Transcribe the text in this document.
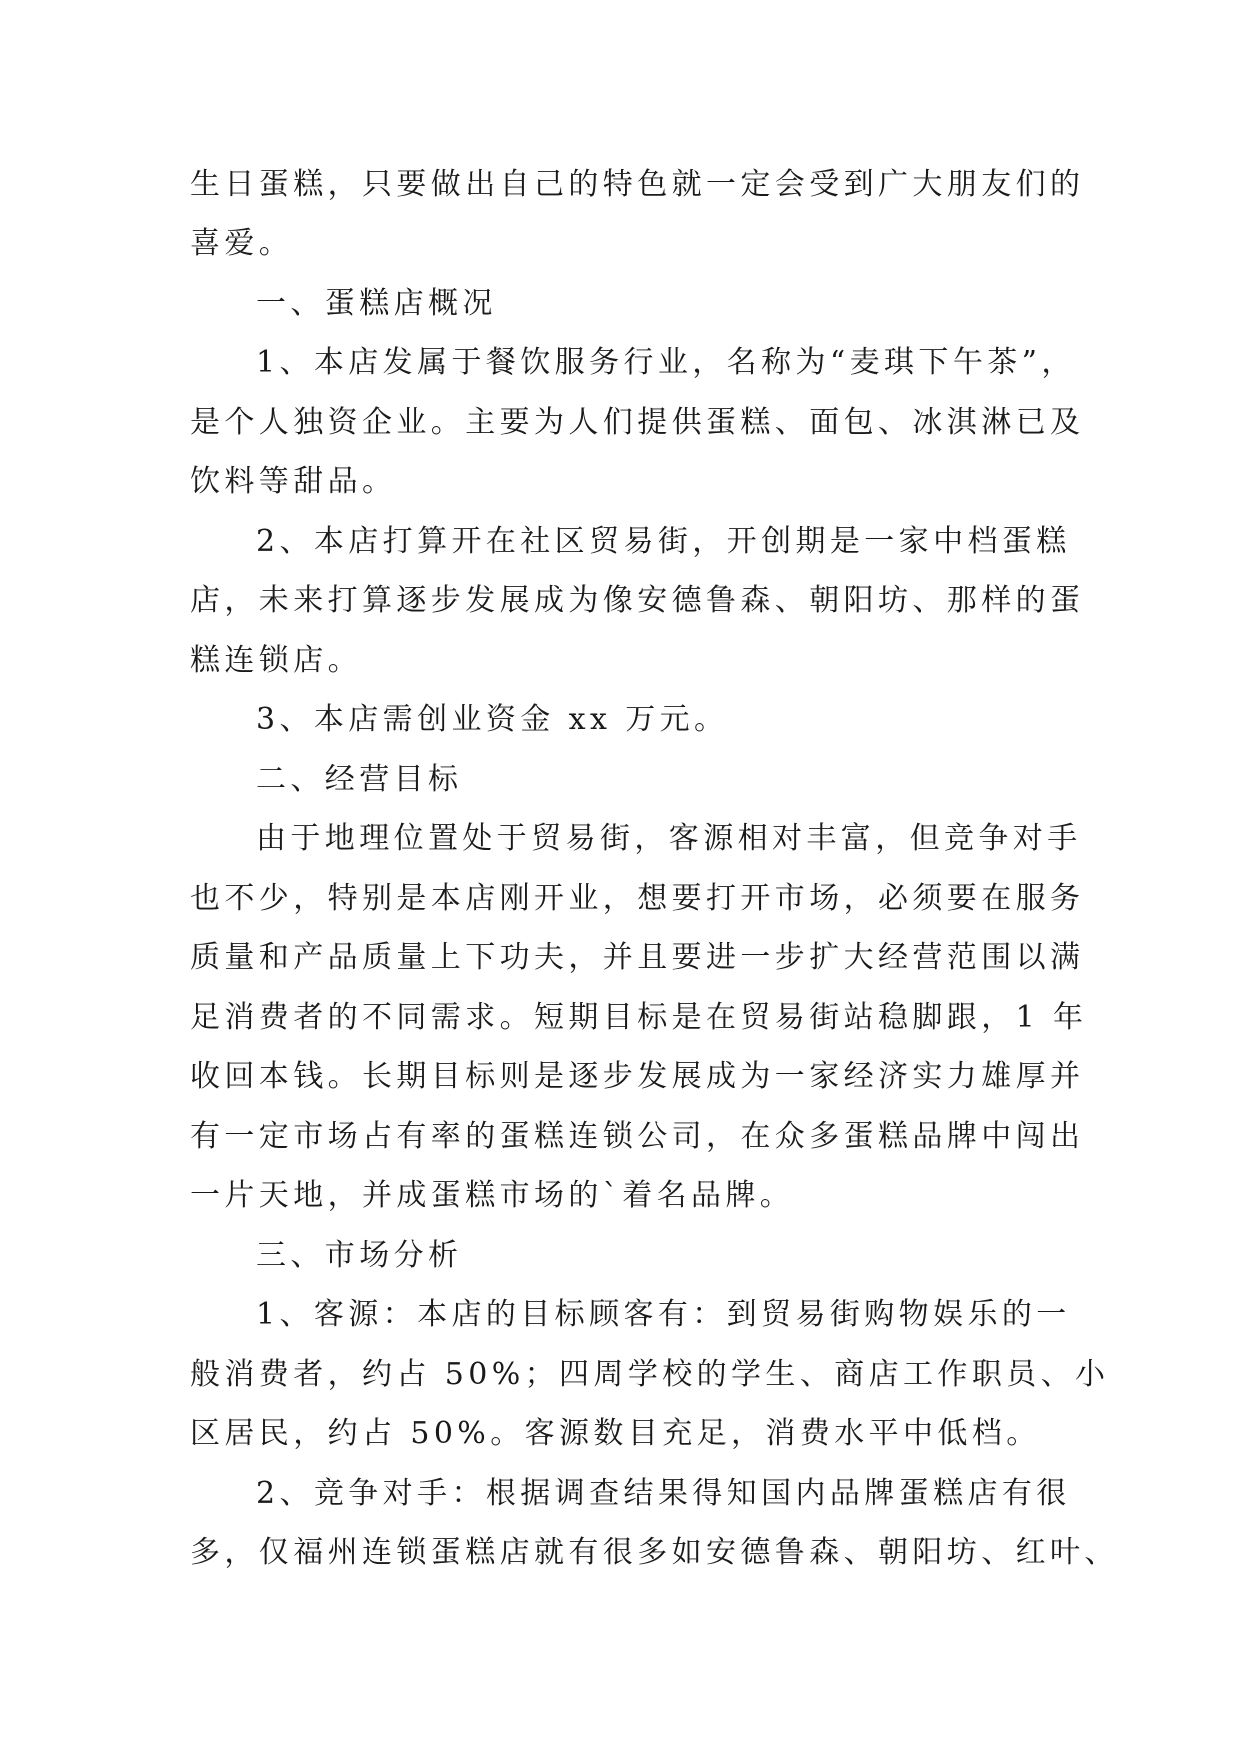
生日蛋糕，只要做出自己的特色就一定会受到广大朋友们的
喜爱。
一、蛋糕店概况
1、本店发属于餐饮服务行业，名称为“麦琪下午茶”，
是个人独资企业。主要为人们提供蛋糕、面包、冰淇淋已及
饮料等甜品。
2、本店打算开在社区贸易街，开创期是一家中档蛋糕
店，未来打算逐步发展成为像安德鲁森、朝阳坊、那样的蛋
糕连锁店。
3、本店需创业资金 xx 万元。
二、经营目标
由于地理位置处于贸易街，客源相对丰富，但竞争对手
也不少，特别是本店刚开业，想要打开市场，必须要在服务
质量和产品质量上下功夫，并且要进一步扩大经营范围以满
足消费者的不同需求。短期目标是在贸易街站稳脚跟，1 年
收回本钱。长期目标则是逐步发展成为一家经济实力雄厚并
有一定市场占有率的蛋糕连锁公司，在众多蛋糕品牌中闯出
一片天地，并成蛋糕市场的`着名品牌。
三、市场分析
1、客源：本店的目标顾客有：到贸易街购物娱乐的一
般消费者，约占 50%；四周学校的学生、商店工作职员、小
区居民，约占 50%。客源数目充足，消费水平中低档。
2、竞争对手：根据调查结果得知国内品牌蛋糕店有很
多，仅福州连锁蛋糕店就有很多如安德鲁森、朝阳坊、红叶、
